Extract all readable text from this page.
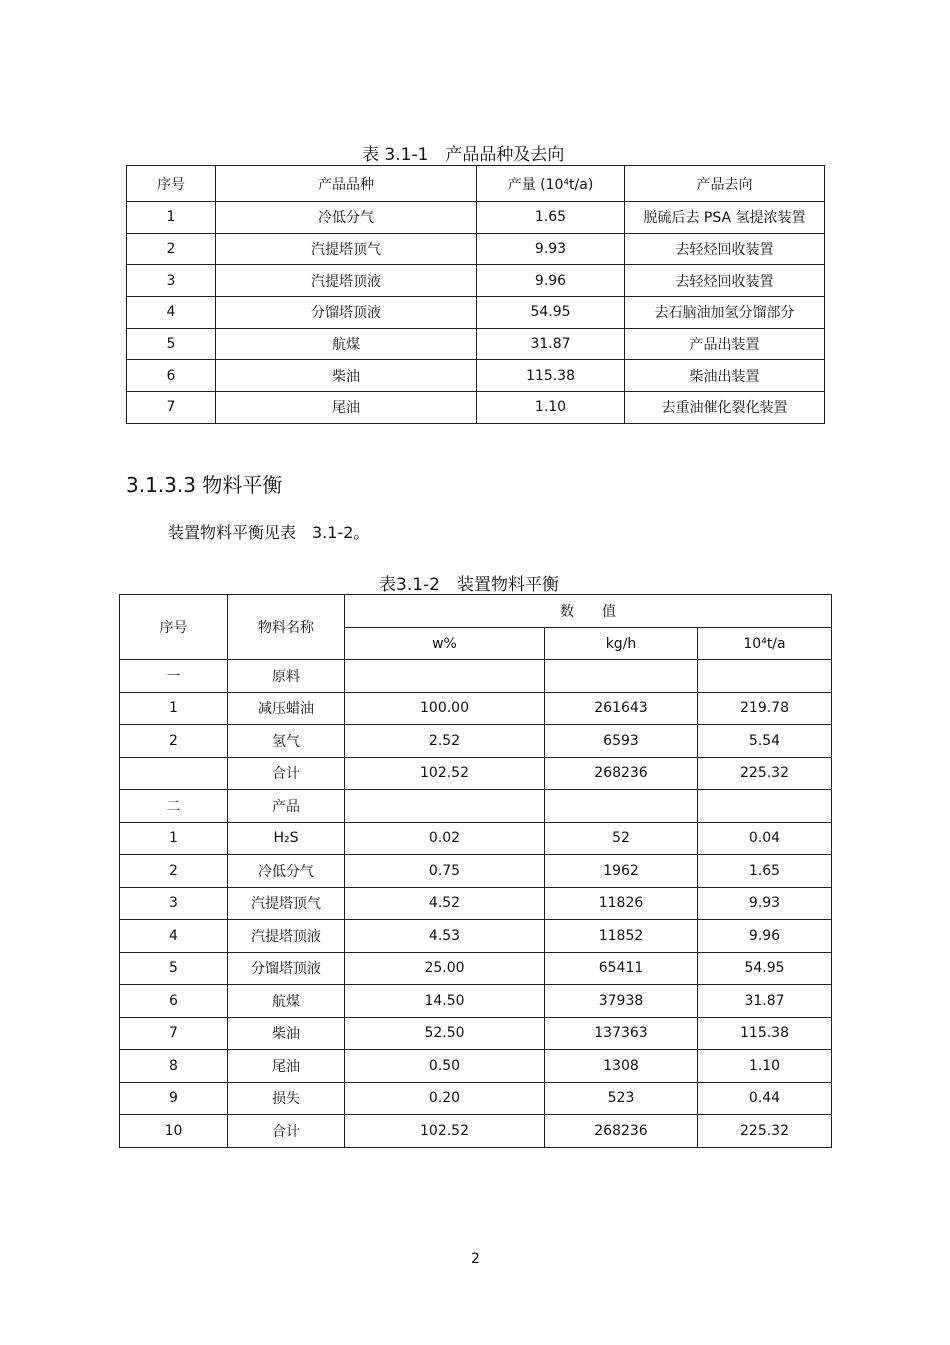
表 3.1-1　产品品种及去向
序号	产品品种	产量 (10⁴t/a)	产品去向
1	冷低分气	1.65	脱硫后去 PSA 氢提浓装置
2	汽提塔顶气	9.93	去轻烃回收装置
3	汽提塔顶液	9.96	去轻烃回收装置
4	分馏塔顶液	54.95	去石脑油加氢分馏部分
5	航煤	31.87	产品出装置
6	柴油	115.38	柴油出装置
7	尾油	1.10	去重油催化裂化装置
3.1.3.3 物料平衡
装置物料平衡见表　3.1-2。
表3.1-2　装置物料平衡
序号	物料名称	数　　值		
		w%	kg/h	10⁴t/a
一	原料			
1	减压蜡油	100.00	261643	219.78
2	氢气	2.52	6593	5.54
	合计	102.52	268236	225.32
二	产品			
1	H₂S	0.02	52	0.04
2	冷低分气	0.75	1962	1.65
3	汽提塔顶气	4.52	11826	9.93
4	汽提塔顶液	4.53	11852	9.96
5	分馏塔顶液	25.00	65411	54.95
6	航煤	14.50	37938	31.87
7	柴油	52.50	137363	115.38
8	尾油	0.50	1308	1.10
9	损失	0.20	523	0.44
10	合计	102.52	268236	225.32
2
